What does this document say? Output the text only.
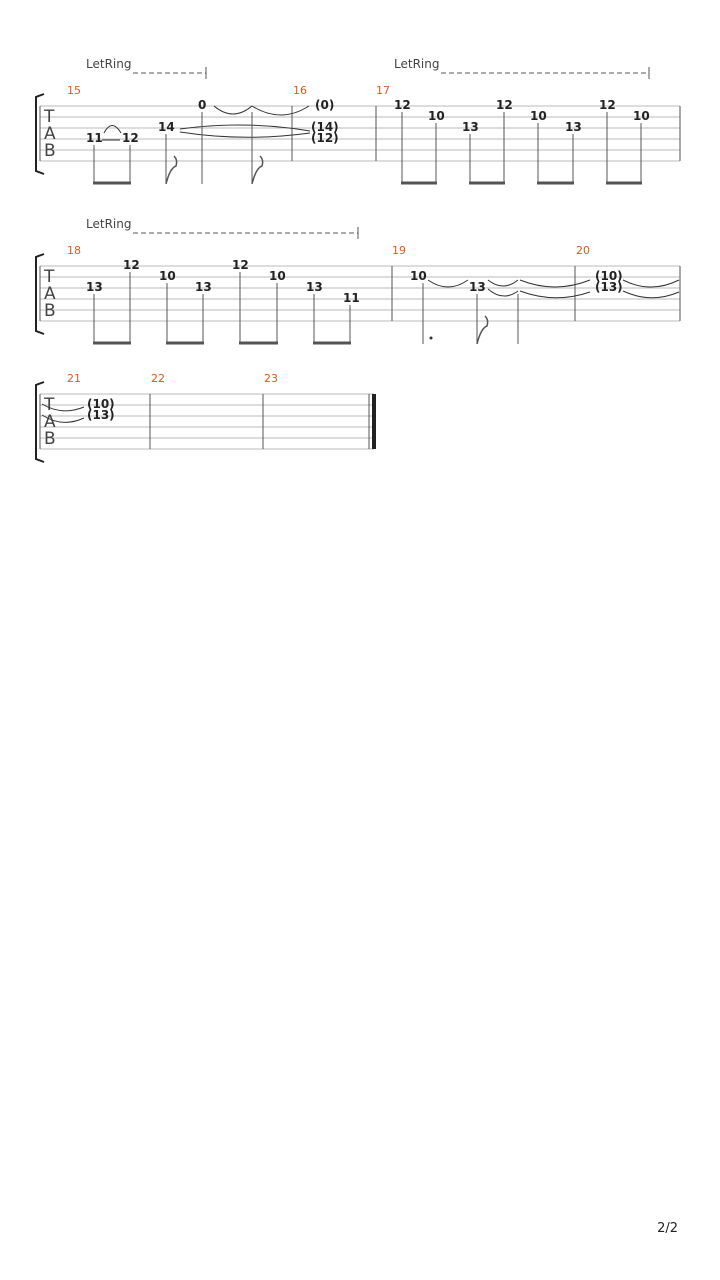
T
A
B
15	16	17
LetRing	LetRing
11 12
14
0	(0)
(14)
(12)
12
10
13
12
10
13
12
10
T
A
B
18	19	20
LetRing
13
12
10
13
12
10
13
11
10
13
(10)
(13)
T
A
B
21	22	23
(10)
(13)
2/2
